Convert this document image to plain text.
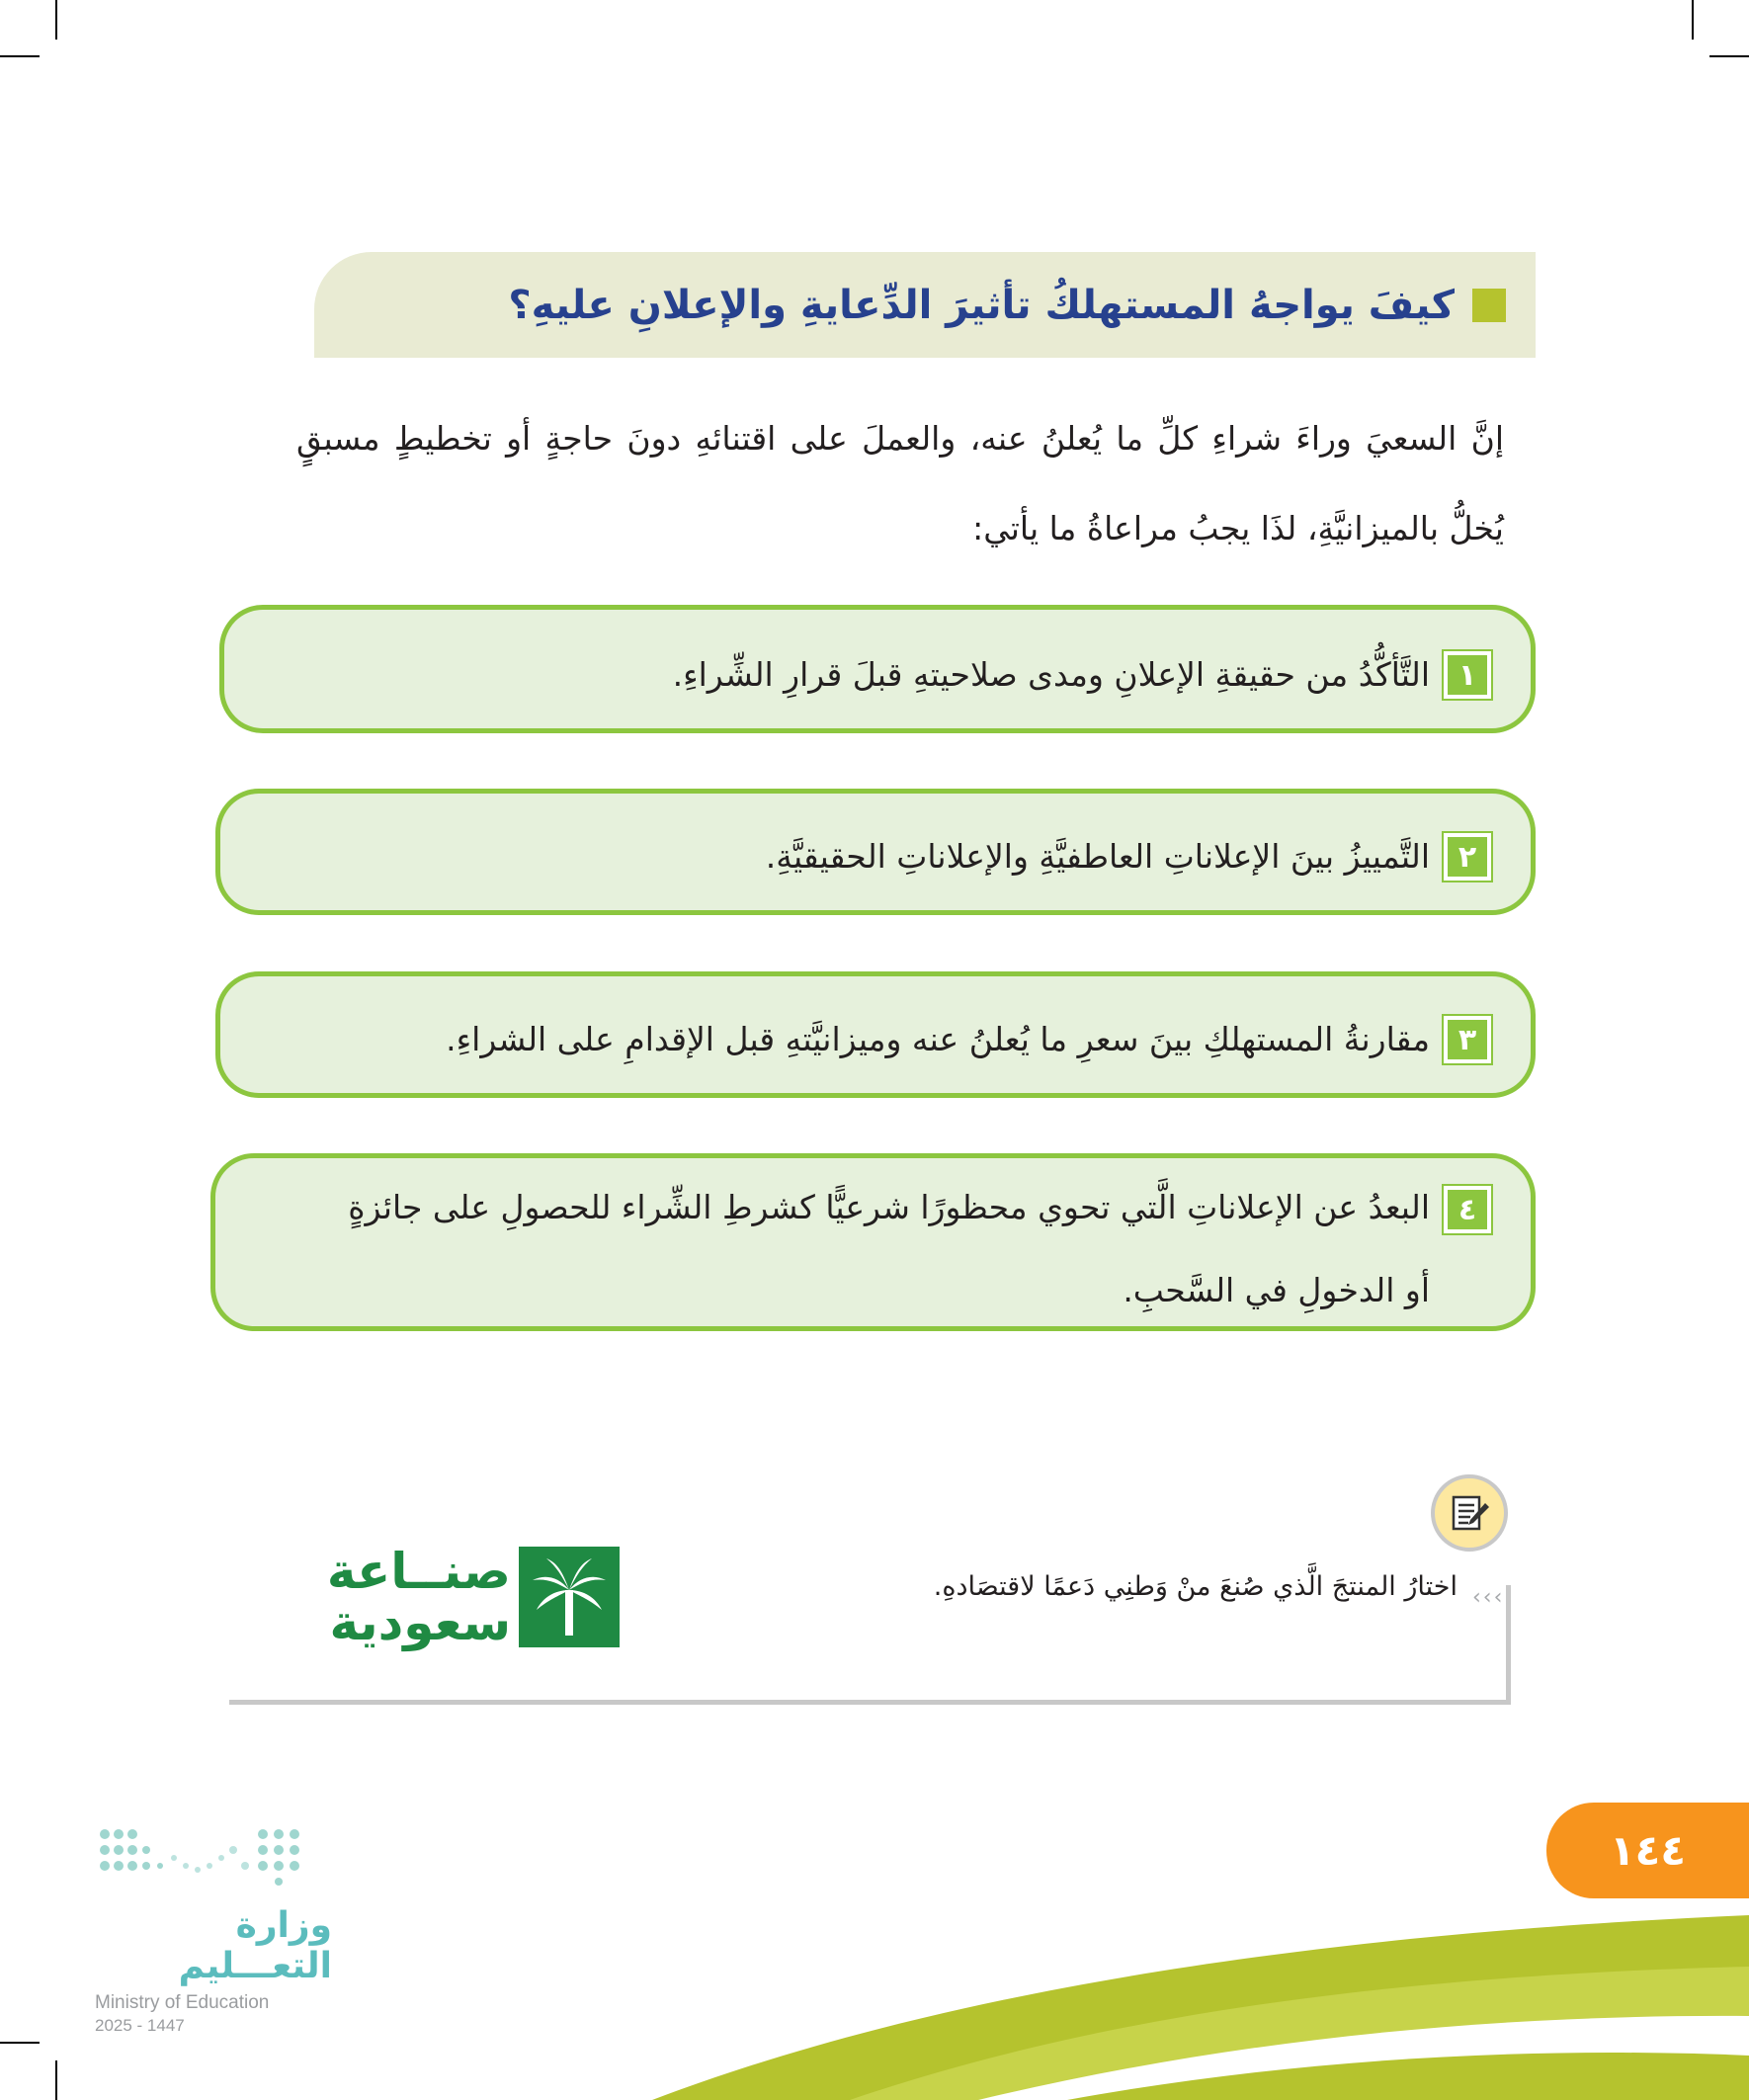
كيفَ يواجهُ المستهلكُ تأثيرَ الدِّعايةِ والإعلانِ عليهِ؟

إنَّ السعيَ وراءَ شراءِ كلِّ ما يُعلنُ عنه، والعملَ على اقتنائهِ دونَ حاجةٍ أو تخطيطٍ مسبقٍ يُخلُّ بالميزانيَّةِ، لذَا يجبُ مراعاةُ ما يأتي:

١
التَّأكُّدُ من حقيقةِ الإعلانِ ومدى صلاحيتهِ قبلَ قرارِ الشِّراءِ.
٢
التَّمييزُ بينَ الإعلاناتِ العاطفيَّةِ والإعلاناتِ الحقيقيَّةِ.
٣
مقارنةُ المستهلكِ بينَ سعرِ ما يُعلنُ عنه وميزانيَّتهِ قبل الإقدامِ على الشراءِ.
٤
البعدُ عن الإعلاناتِ الَّتي تحوي محظورًا شرعيًّا كشرطِ الشِّراء للحصولِ على جائزةٍ أو الدخولِ في السَّحبِ.
‹‹‹
اختارُ المنتجَ الَّذي صُنعَ منْ وَطنِي دَعمًا لاقتصَادهِ.
صنــاعة
سعودية
وزارة التعـــليم
Ministry of Education
2025 - 1447
١٤٤
